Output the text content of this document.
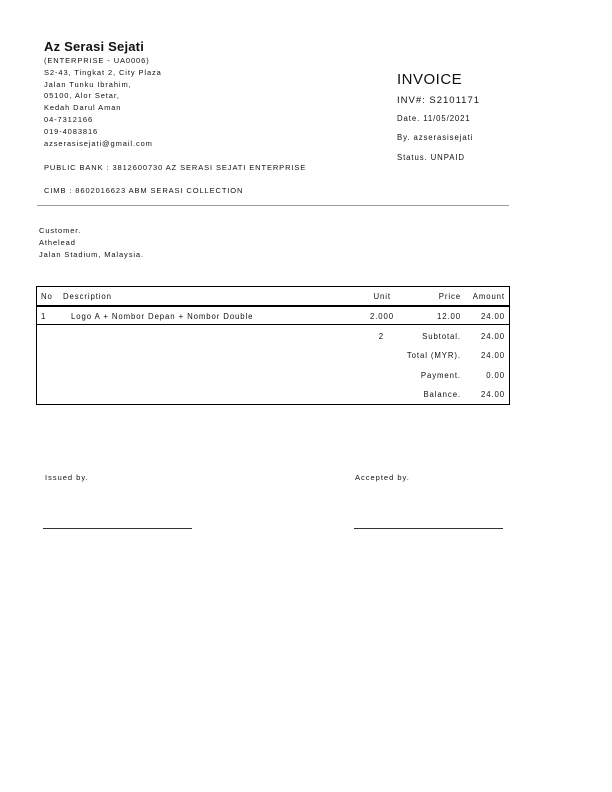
Az Serasi Sejati
(ENTERPRISE - UA0006)
S2-43, Tingkat 2, City Plaza
Jalan Tunku Ibrahim,
05100, Alor Setar,
Kedah Darul Aman
04-7312166
019-4083816
azserasisejati@gmail.com
PUBLIC BANK : 3812600730 AZ SERASI SEJATI ENTERPRISE
CIMB : 8602016623 ABM SERASI COLLECTION
INVOICE
INV#: S2101171
Date. 11/05/2021
By. azserasisejati
Status. UNPAID
Customer.
Athelead
Jalan Stadium, Malaysia.
No Description	Unit	Price	Amount
1	Logo A + Nombor Depan + Nombor Double	2.000	12.00	24.00
2	Subtotal.	24.00
Total (MYR).	24.00
Payment.	0.00
Balance.	24.00
Issued by.	Accepted by.
